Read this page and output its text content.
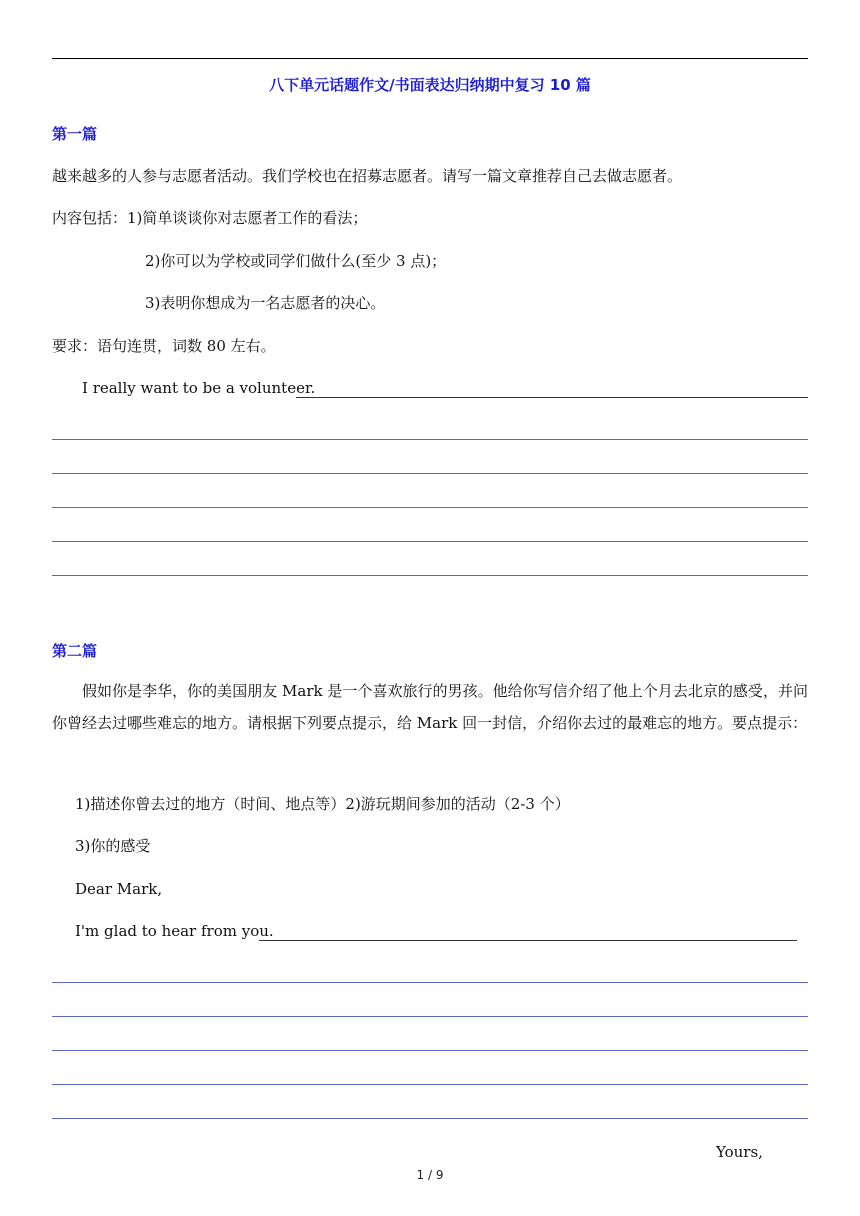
八下单元话题作文/书面表达归纳期中复习 10 篇
第一篇
越来越多的人参与志愿者活动。我们学校也在招募志愿者。请写一篇文章推荐自己去做志愿者。
内容包括：1)简单谈谈你对志愿者工作的看法；
2)你可以为学校或同学们做什么(至少 3 点)；
3)表明你想成为一名志愿者的决心。
要求：语句连贯，词数 80 左右。
I really want to be a volunteer.
第二篇
假如你是李华，你的美国朋友 Mark 是一个喜欢旅行的男孩。他给你写信介绍了他上个月去北京的感受，并问你曾经去过哪些难忘的地方。请根据下列要点提示，给 Mark 回一封信，介绍你去过的最难忘的地方。要点提示：
1)描述你曾去过的地方（时间、地点等）2)游玩期间参加的活动（2-3 个）
3)你的感受
Dear Mark,
I'm glad to hear from you.
Yours,
1 / 9
